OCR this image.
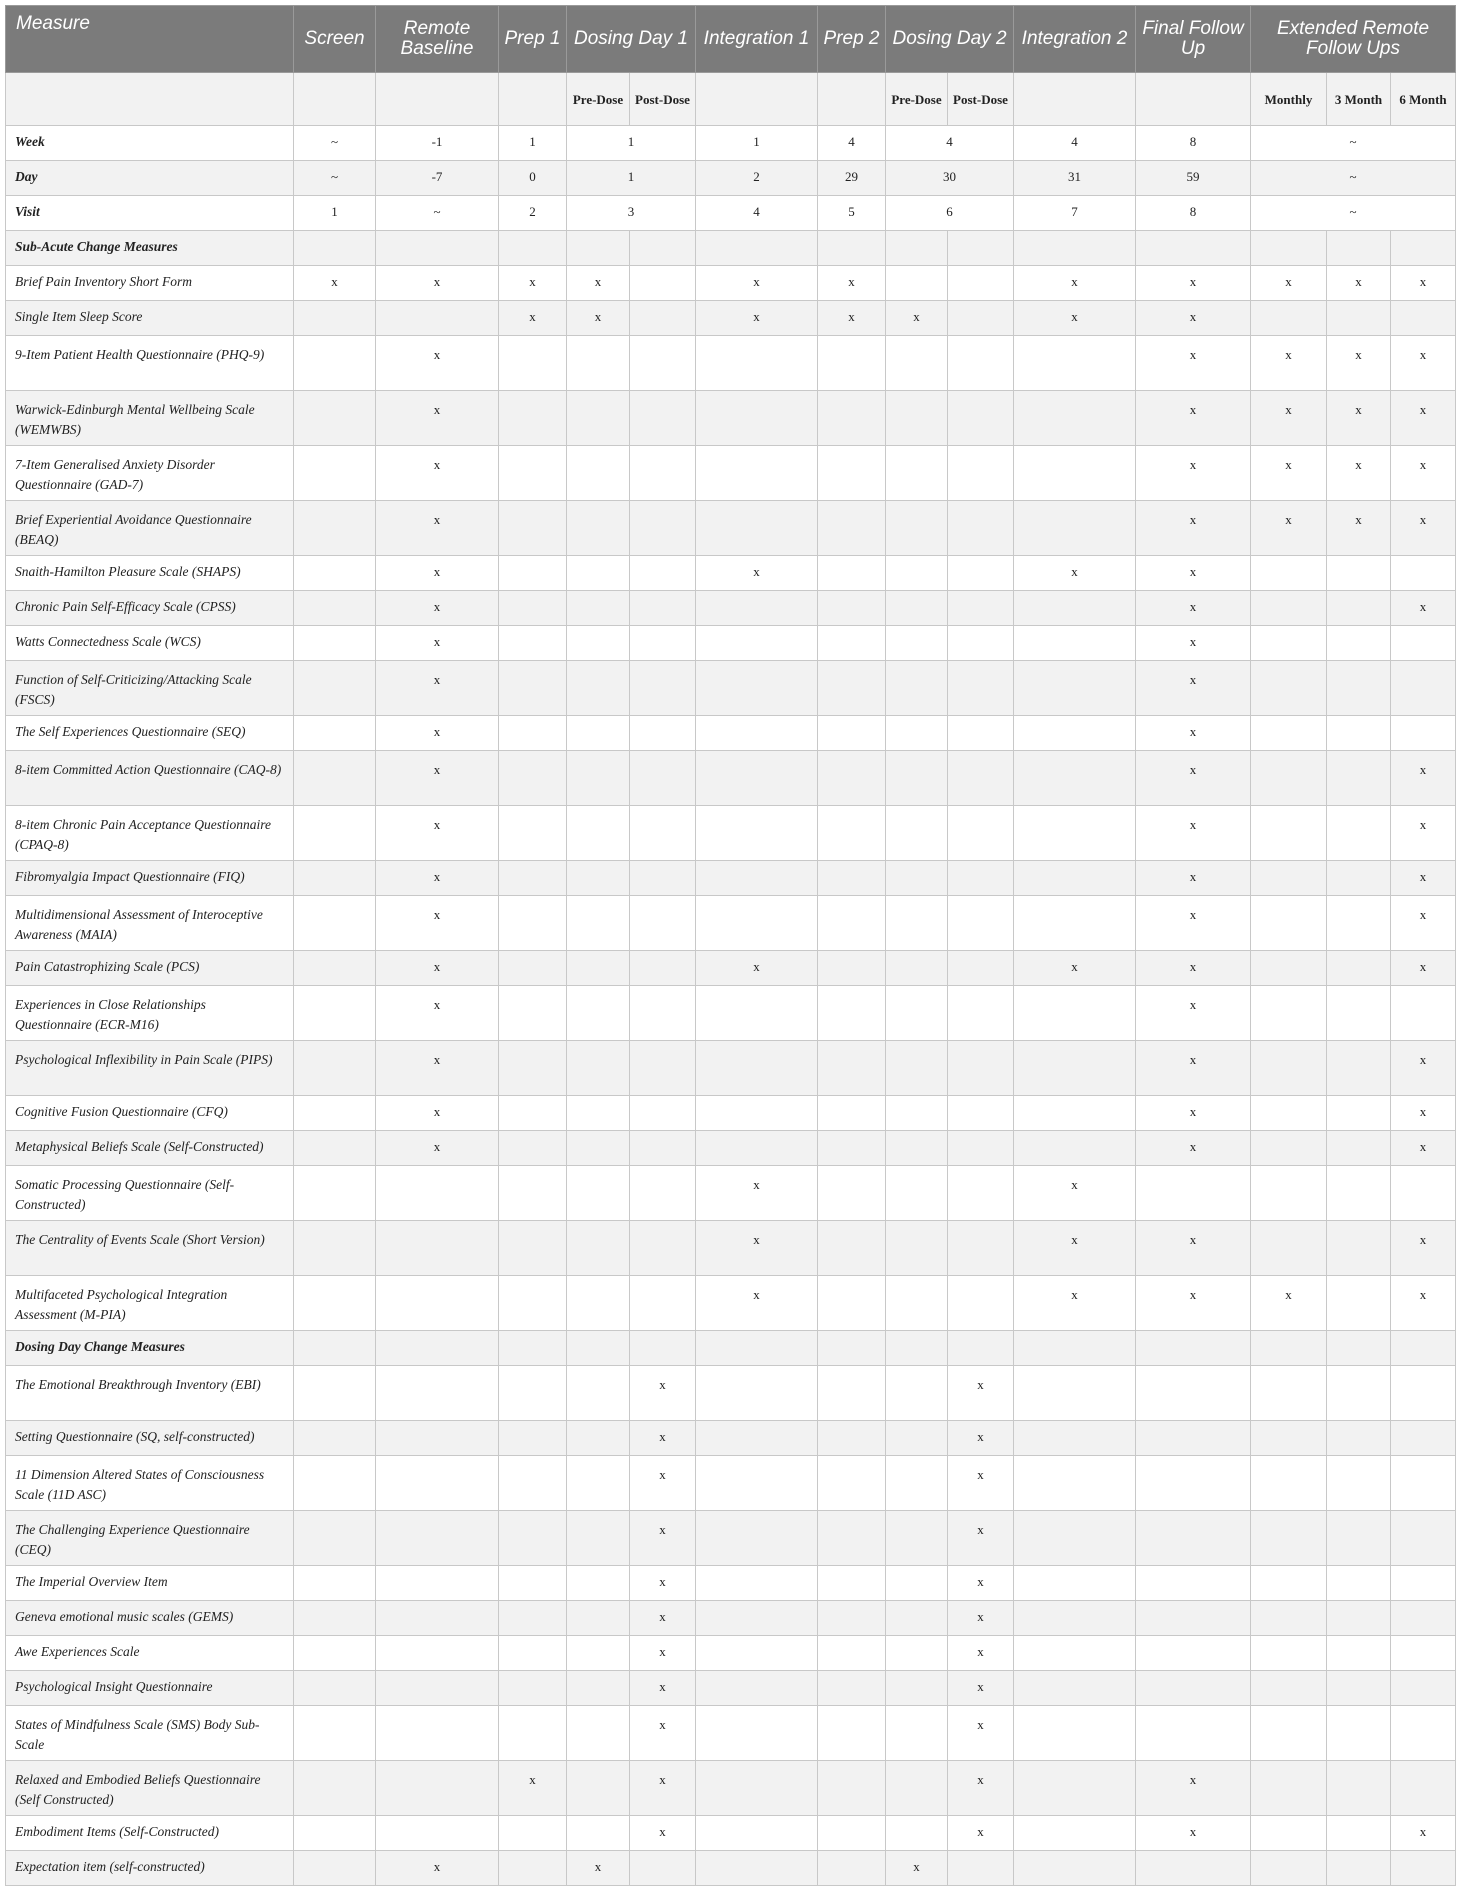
Measure	Screen	Remote Baseline	Prep 1	Dosing Day 1		Integration 1	Prep 2	Dosing Day 2		Integration 2	Final Follow Up	Extended Remote Follow Ups		
				Pre-Dose	Post-Dose			Pre-Dose	Post-Dose			Monthly	3 Month	6 Month
Week	~	-1	1	1		1	4	4		4	8	~		
Day	~	-7	0	1		2	29	30		31	59	~		
Visit	1	~	2	3		4	5	6		7	8	~		
Sub-Acute Change Measures														
Brief Pain Inventory Short Form	x	x	x	x		x	x			x	x	x	x	x
Single Item Sleep Score			x	x		x	x	x		x	x			
9-Item Patient Health Questionnaire (PHQ-9)		x									x	x	x	x
Warwick-Edinburgh Mental Wellbeing Scale (WEMWBS)		x									x	x	x	x
7-Item Generalised Anxiety Disorder Questionnaire (GAD-7)		x									x	x	x	x
Brief Experiential Avoidance Questionnaire (BEAQ)		x									x	x	x	x
Snaith-Hamilton Pleasure Scale (SHAPS)		x				x				x	x			
Chronic Pain Self-Efficacy Scale (CPSS)		x									x			x
Watts Connectedness Scale (WCS)		x									x			
Function of Self-Criticizing/Attacking Scale (FSCS)		x									x			
The Self Experiences Questionnaire (SEQ)		x									x			
8-item Committed Action Questionnaire (CAQ-8)		x									x			x
8-item Chronic Pain Acceptance Questionnaire (CPAQ-8)		x									x			x
Fibromyalgia Impact Questionnaire (FIQ)		x									x			x
Multidimensional Assessment of Interoceptive Awareness (MAIA)		x									x			x
Pain Catastrophizing Scale (PCS)		x				x				x	x			x
Experiences in Close Relationships Questionnaire (ECR-M16)		x									x			
Psychological Inflexibility in Pain Scale (PIPS)		x									x			x
Cognitive Fusion Questionnaire (CFQ)		x									x			x
Metaphysical Beliefs Scale (Self-Constructed)		x									x			x
Somatic Processing Questionnaire (Self-Constructed)						x				x				
The Centrality of Events Scale (Short Version)						x				x	x			x
Multifaceted Psychological Integration Assessment (M-PIA)						x				x	x	x		x
Dosing Day Change Measures														
The Emotional Breakthrough Inventory (EBI)					x				x					
Setting Questionnaire (SQ, self-constructed)					x				x					
11 Dimension Altered States of Consciousness Scale (11D ASC)					x				x					
The Challenging Experience Questionnaire (CEQ)					x				x					
The Imperial Overview Item					x				x					
Geneva emotional music scales (GEMS)					x				x					
Awe Experiences Scale					x				x					
Psychological Insight Questionnaire					x				x					
States of Mindfulness Scale (SMS) Body Sub-Scale					x				x					
Relaxed and Embodied Beliefs Questionnaire (Self Constructed)			x		x				x		x			
Embodiment Items (Self-Constructed)					x				x		x			x
Expectation item (self-constructed)		x		x				x						
